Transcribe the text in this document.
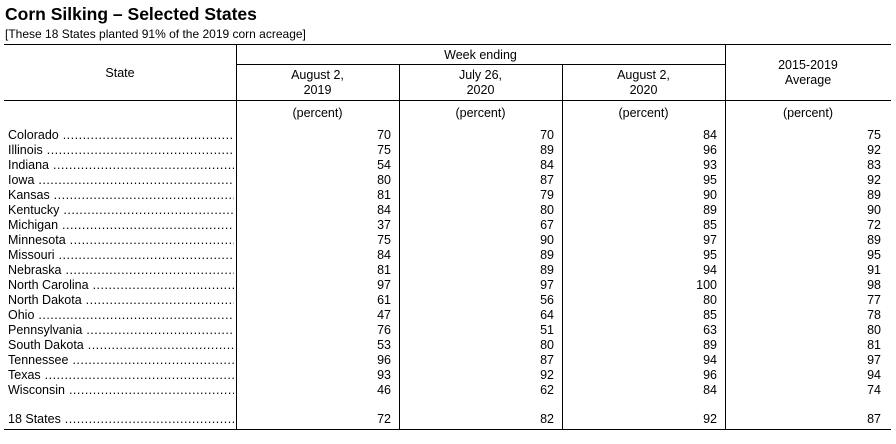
Corn Silking – Selected States
[These 18 States planted 91% of the 2019 corn acreage]
State
Week ending
August 2,
2019
July 26,
2020
August 2,
2020
2015-2019
Average
(percent)	(percent)	(percent)	(percent)
Colorado .....	70	70	84	75
Illinois .....	75	89	96	92
Indiana .....	54	84	93	83
Iowa .....	80	87	95	92
Kansas .....	81	79	90	89
Kentucky .....	84	80	89	90
Michigan .....	37	67	85	72
Minnesota .....	75	90	97	89
Missouri .....	84	89	95	95
Nebraska .....	81	89	94	91
North Carolina .....	97	97	100	98
North Dakota .....	61	56	80	77
Ohio .....	47	64	85	78
Pennsylvania .....	76	51	63	80
South Dakota .....	53	80	89	81
Tennessee .....	96	87	94	97
Texas .....	93	92	96	94
Wisconsin .....	46	62	84	74
18 States .....	72	82	92	87
